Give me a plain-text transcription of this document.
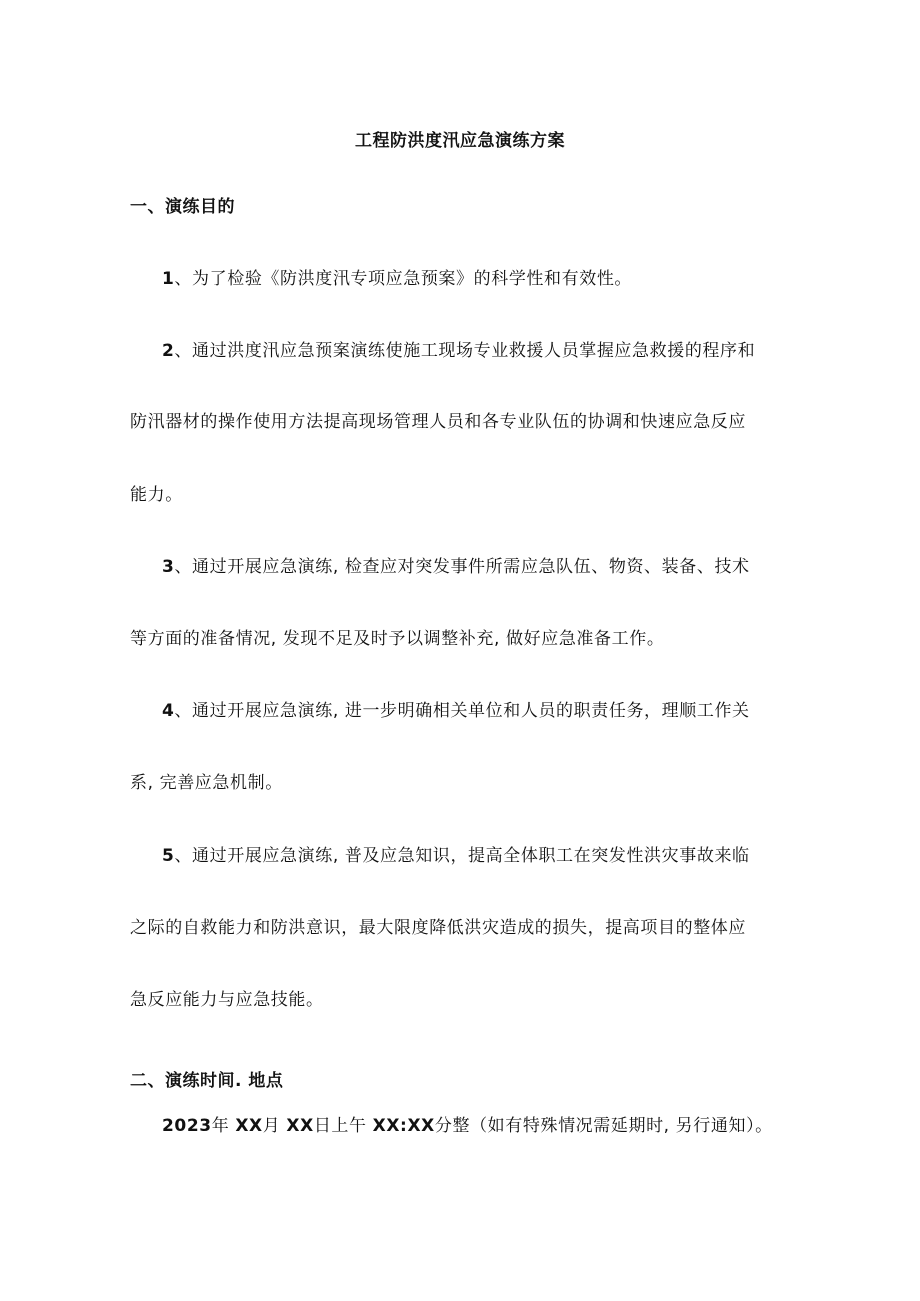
工程防洪度汛应急演练方案
一、演练目的
1、为了检验《防洪度汛专项应急预案》的科学性和有效性。
2、通过洪度汛应急预案演练使施工现场专业救援人员掌握应急救援的程序和
防汛器材的操作使用方法提高现场管理人员和各专业队伍的协调和快速应急反应
能力。
3、通过开展应急演练, 检查应对突发事件所需应急队伍、物资、装备、技术
等方面的准备情况, 发现不足及时予以调整补充, 做好应急准备工作。
4、通过开展应急演练, 进一步明确相关单位和人员的职责任务，理顺工作关
系, 完善应急机制。
5、通过开展应急演练, 普及应急知识，提高全体职工在突发性洪灾事故来临
之际的自救能力和防洪意识，最大限度降低洪灾造成的损失，提高项目的整体应
急反应能力与应急技能。
二、演练时间. 地点
2023年 XX月 XX日上午 XX:XX分整（如有特殊情况需延期时, 另行通知）。
